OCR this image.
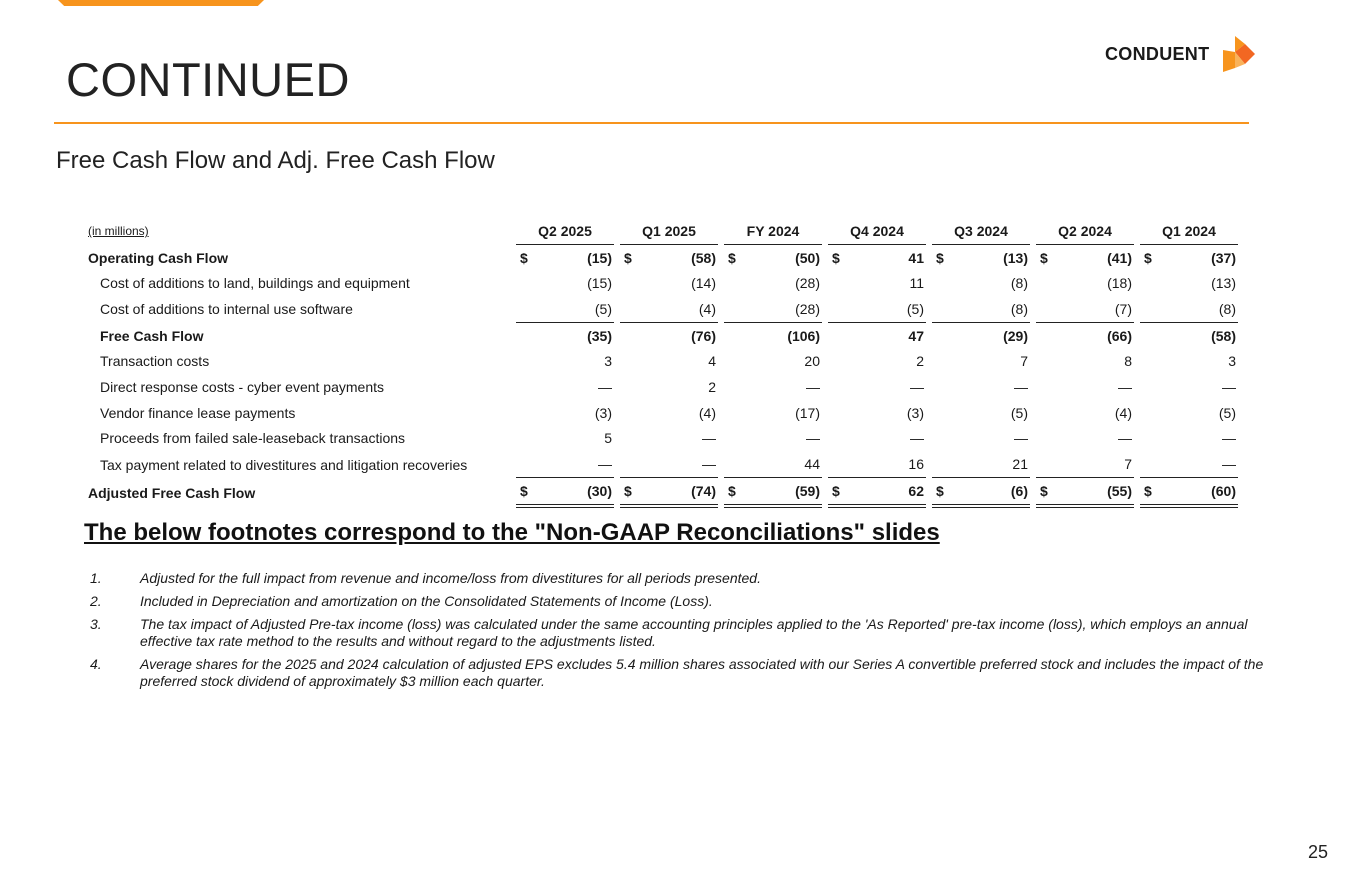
CONTINUED	CONDUENT
Free Cash Flow and Adj. Free Cash Flow
(in millions)		Q2 2025			Q1 2025			FY 2024			Q4 2024			Q3 2024			Q2 2024			Q1 2024	
Operating Cash Flow		$	(15)		$	(58)		$	(50)		$	41		$	(13)		$	(41)		$	(37)
Cost of additions to land, buildings and equipment			(15)			(14)			(28)			11			(8)			(18)			(13)
Cost of additions to internal use software			(5)			(4)			(28)			(5)			(8)			(7)			(8)
Free Cash Flow			(35)			(76)			(106)			47			(29)			(66)			(58)
Transaction costs			3			4			20			2			7			8			3
Direct response costs - cyber event payments			—			2			—			—			—			—			—
Vendor finance lease payments			(3)			(4)			(17)			(3)			(5)			(4)			(5)
Proceeds from failed sale-leaseback transactions			5			—			—			—			—			—			—
Tax payment related to divestitures and litigation recoveries			—			—			44			16			21			7			—
Adjusted Free Cash Flow		$	(30)		$	(74)		$	(59)		$	62		$	(6)		$	(55)		$	(60)
The below footnotes correspond to the "Non-GAAP Reconciliations" slides
1.	Adjusted for the full impact from revenue and income/loss from divestitures for all periods presented.
2.	Included in Depreciation and amortization on the Consolidated Statements of Income (Loss).
3.	The tax impact of Adjusted Pre-tax income (loss) was calculated under the same accounting principles applied to the 'As Reported' pre-tax income (loss), which employs an annual effective tax rate method to the results and without regard to the adjustments listed.
4.	Average shares for the 2025 and 2024 calculation of adjusted EPS excludes 5.4 million shares associated with our Series A convertible preferred stock and includes the impact of the preferred stock dividend of approximately $3 million each quarter.
25
